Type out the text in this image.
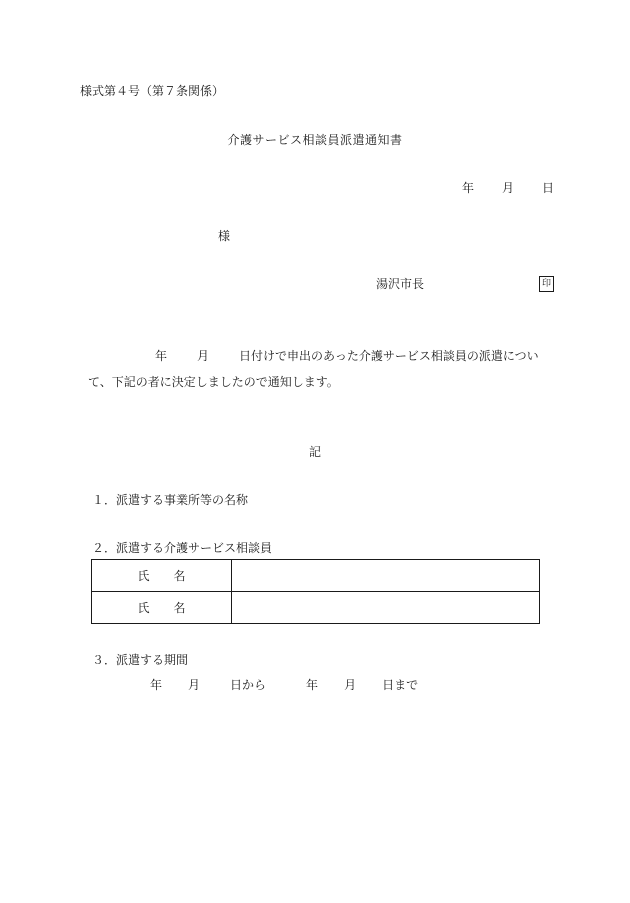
様式第４号（第７条関係）
介護サービス相談員派遣通知書
年 月 日
様
湯沢市長	印
年	月	日付けで申出のあった介護サービス相談員の派遣につい
て、下記の者に決定しましたので通知します。
記
１．派遣する事業所等の名称
２．派遣する介護サービス相談員
氏　　名	
氏　　名	
３．派遣する期間
年 月	日から	年 月 日まで
